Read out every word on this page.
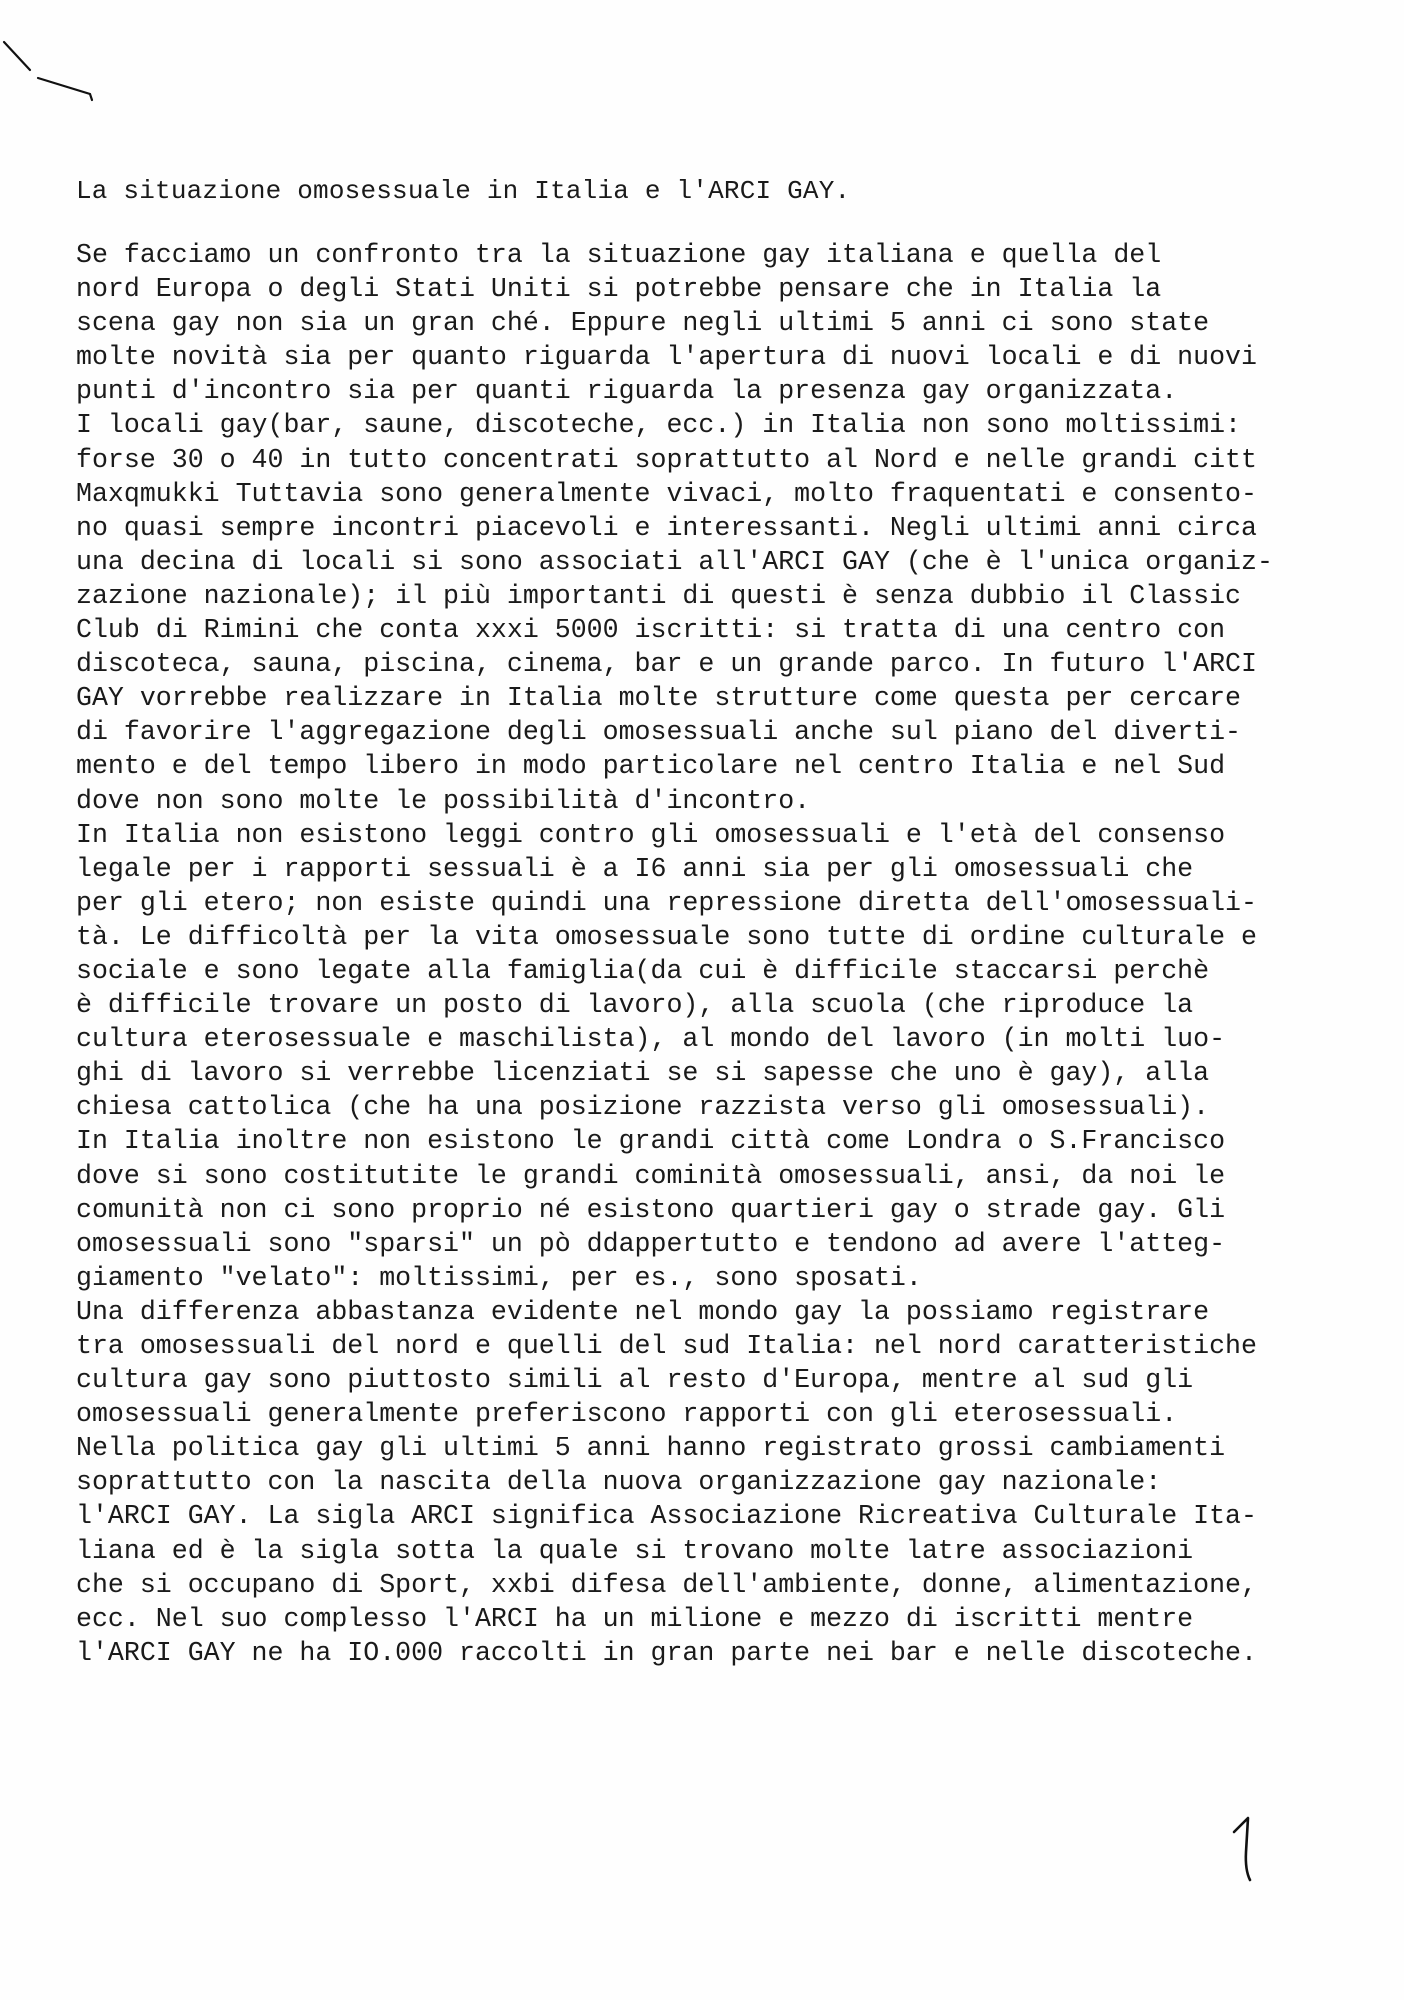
La situazione omosessuale in Italia e l'ARCI GAY.
Se facciamo un confronto tra la situazione gay italiana e quella del
nord Europa o degli Stati Uniti si potrebbe pensare che in Italia la
scena gay non sia un gran ché. Eppure negli ultimi 5 anni ci sono state
molte novità sia per quanto riguarda l'apertura di nuovi locali e di nuovi
punti d'incontro sia per quanti riguarda la presenza gay organizzata.
I locali gay(bar, saune, discoteche, ecc.) in Italia non sono moltissimi:
forse 30 o 40 in tutto concentrati soprattutto al Nord e nelle grandi citt
Maxqmukki Tuttavia sono generalmente vivaci, molto fraquentati e consento-
no quasi sempre incontri piacevoli e interessanti. Negli ultimi anni circa
una decina di locali si sono associati all'ARCI GAY (che è l'unica organiz-
zazione nazionale); il più importanti di questi è senza dubbio il Classic
Club di Rimini che conta xxxi 5000 iscritti: si tratta di una centro con
discoteca, sauna, piscina, cinema, bar e un grande parco. In futuro l'ARCI
GAY vorrebbe realizzare in Italia molte strutture come questa per cercare
di favorire l'aggregazione degli omosessuali anche sul piano del diverti-
mento e del tempo libero in modo particolare nel centro Italia e nel Sud
dove non sono molte le possibilità d'incontro.
In Italia non esistono leggi contro gli omosessuali e l'età del consenso
legale per i rapporti sessuali è a I6 anni sia per gli omosessuali che
per gli etero; non esiste quindi una repressione diretta dell'omosessuali-
tà. Le difficoltà per la vita omosessuale sono tutte di ordine culturale e
sociale e sono legate alla famiglia(da cui è difficile staccarsi perchè
è difficile trovare un posto di lavoro), alla scuola (che riproduce la
cultura eterosessuale e maschilista), al mondo del lavoro (in molti luo-
ghi di lavoro si verrebbe licenziati se si sapesse che uno è gay), alla
chiesa cattolica (che ha una posizione razzista verso gli omosessuali).
In Italia inoltre non esistono le grandi città come Londra o S.Francisco
dove si sono costitutite le grandi cominità omosessuali, ansi, da noi le
comunità non ci sono proprio né esistono quartieri gay o strade gay. Gli
omosessuali sono "sparsi" un pò ddappertutto e tendono ad avere l'atteg-
giamento "velato": moltissimi, per es., sono sposati.
Una differenza abbastanza evidente nel mondo gay la possiamo registrare
tra omosessuali del nord e quelli del sud Italia: nel nord caratteristiche
cultura gay sono piuttosto simili al resto d'Europa, mentre al sud gli
omosessuali generalmente preferiscono rapporti con gli eterosessuali.
Nella politica gay gli ultimi 5 anni hanno registrato grossi cambiamenti
soprattutto con la nascita della nuova organizzazione gay nazionale:
l'ARCI GAY. La sigla ARCI significa Associazione Ricreativa Culturale Ita-
liana ed è la sigla sotta la quale si trovano molte latre associazioni
che si occupano di Sport, xxbi difesa dell'ambiente, donne, alimentazione,
ecc. Nel suo complesso l'ARCI ha un milione e mezzo di iscritti mentre
l'ARCI GAY ne ha IO.000 raccolti in gran parte nei bar e nelle discoteche.
